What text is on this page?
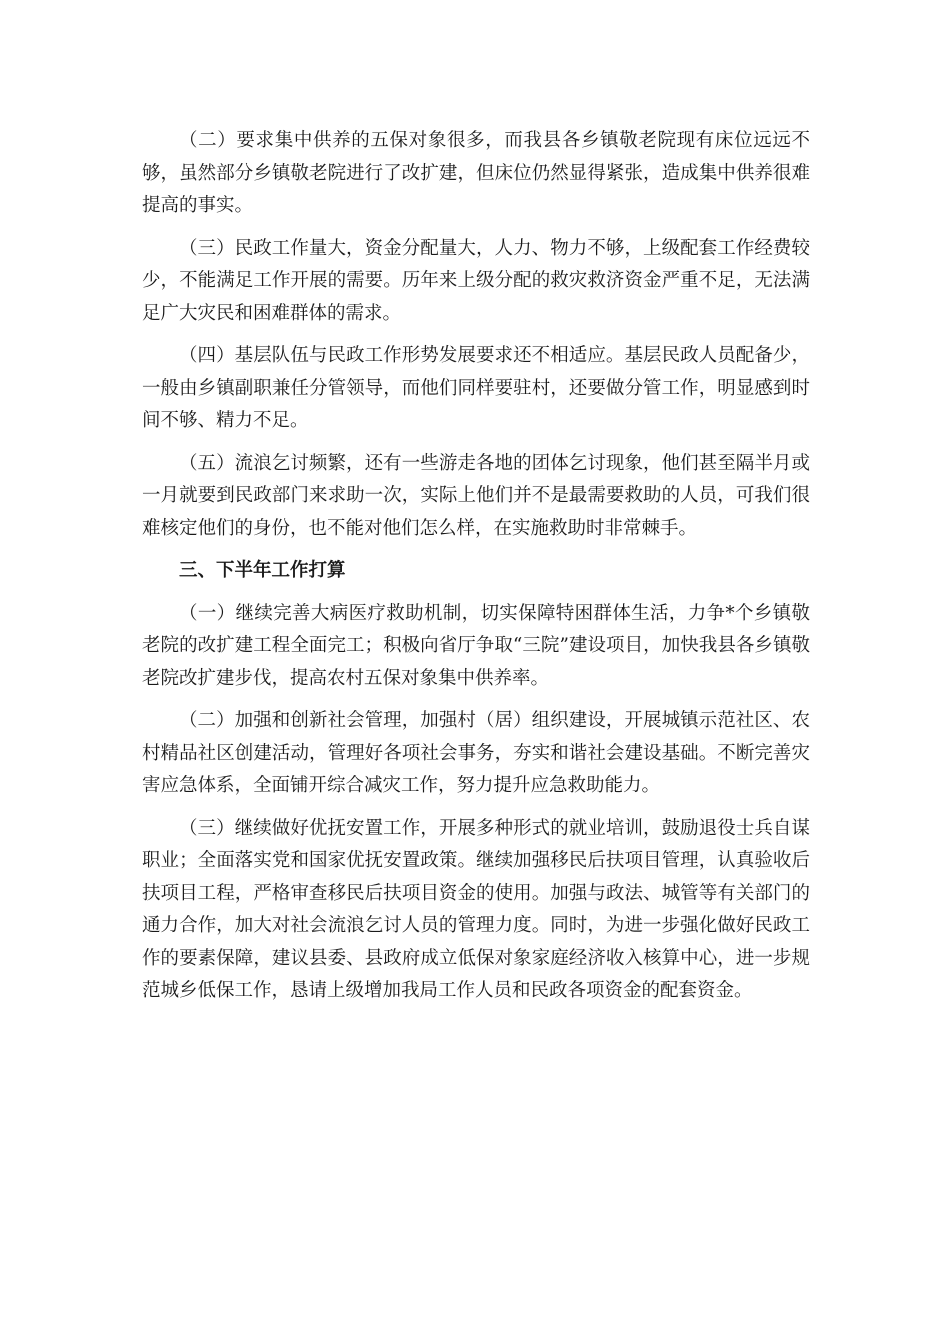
（二）要求集中供养的五保对象很多，而我县各乡镇敬老院现有床位远远不够，虽然部分乡镇敬老院进行了改扩建，但床位仍然显得紧张，造成集中供养很难提高的事实。

（三）民政工作量大，资金分配量大，人力、物力不够，上级配套工作经费较少，不能满足工作开展的需要。历年来上级分配的救灾救济资金严重不足，无法满足广大灾民和困难群体的需求。

（四）基层队伍与民政工作形势发展要求还不相适应。基层民政人员配备少，一般由乡镇副职兼任分管领导，而他们同样要驻村，还要做分管工作，明显感到时间不够、精力不足。

（五）流浪乞讨频繁，还有一些游走各地的团体乞讨现象，他们甚至隔半月或一月就要到民政部门来求助一次，实际上他们并不是最需要救助的人员，可我们很难核定他们的身份，也不能对他们怎么样，在实施救助时非常棘手。

三、下半年工作打算

（一）继续完善大病医疗救助机制，切实保障特困群体生活，力争*个乡镇敬老院的改扩建工程全面完工；积极向省厅争取“三院”建设项目，加快我县各乡镇敬老院改扩建步伐，提高农村五保对象集中供养率。

（二）加强和创新社会管理，加强村（居）组织建设，开展城镇示范社区、农村精品社区创建活动，管理好各项社会事务，夯实和谐社会建设基础。不断完善灾害应急体系，全面铺开综合减灾工作，努力提升应急救助能力。

（三）继续做好优抚安置工作，开展多种形式的就业培训，鼓励退役士兵自谋职业；全面落实党和国家优抚安置政策。继续加强移民后扶项目管理，认真验收后扶项目工程，严格审查移民后扶项目资金的使用。加强与政法、城管等有关部门的通力合作，加大对社会流浪乞讨人员的管理力度。同时，为进一步强化做好民政工作的要素保障，建议县委、县政府成立低保对象家庭经济收入核算中心，进一步规范城乡低保工作，恳请上级增加我局工作人员和民政各项资金的配套资金。
